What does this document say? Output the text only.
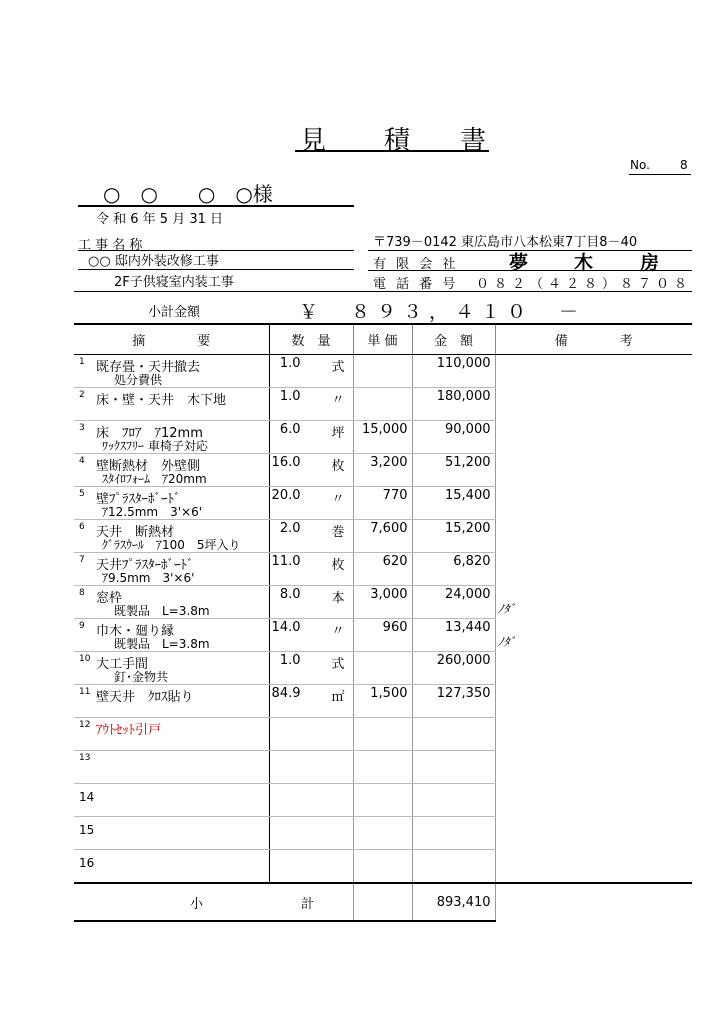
見 積 書
No.	8
○　○　　○　○様
令 和 6 年 5 月 31 日
工 事 名 称
○○ 邸内外装改修工事
2F子供寝室内装工事
〒739－0142 東広島市八本松東7丁目8－40
有 限 会 社	夢 木 房
電 話 番 号 ０８２（４２８）８７０８
小計金額	￥　８９３，４１０　－
摘　　　　要	数　量	単 価	金　額	備　　　　考

1 既存畳・天井撤去
処分費供	1.0 式		110,000	

2 床・壁・天井　木下地	1.0 〃		180,000	

3 床　ﾌﾛｱ　ｱ12mm
ﾜｯｸｽﾌﾘｰ 車椅子対応	6.0 坪	15,000	90,000	

4 壁断熱材　外壁側
ｽﾀｲﾛﾌｫｰﾑ　ｱ20mm	16.0 枚	3,200	51,200	

5 壁ﾌﾟﾗｽﾀｰﾎﾞｰﾄﾞ
ｱ12.5mm　3'×6'	20.0 〃	770	15,400	

6 天井　断熱材
ｸﾞﾗｽｳｰﾙ　ｱ100　5坪入り	2.0 巻	7,600	15,200	

7 天井ﾌﾟﾗｽﾀｰﾎﾞｰﾄﾞ
ｱ9.5mm　3'×6'	11.0 枚	620	6,820	

8 窓枠
既製品　L=3.8m	8.0 本	3,000	24,000	ﾉﾀﾞ

9 巾木・廻り縁
既製品　L=3.8m	14.0 〃	960	13,440	ﾉﾀﾞ

10 大工手間
釘･金物共	1.0 式		260,000	

11 壁天井　ｸﾛｽ貼り	84.9 ㎡	1,500	127,350	

12 ｱｳﾄｾｯﾄ引戸				

13				

14				

15				

16				

小	計		893,410	
